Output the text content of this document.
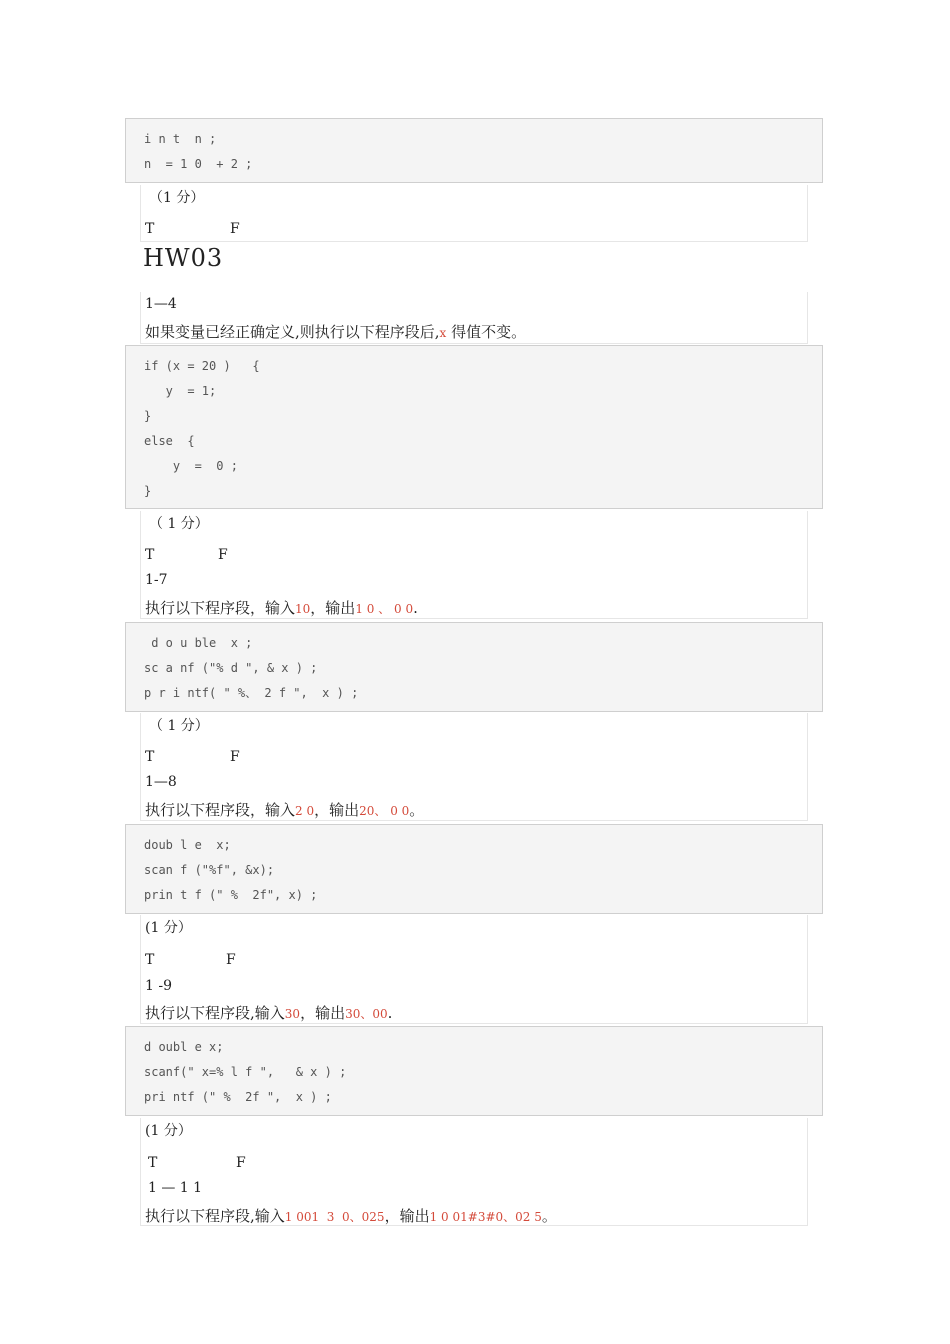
i n t  n ;
n  = 1 0  + 2 ;
（1 分）
T	F
HW03
1—4
如果变量已经正确定义,则执行以下程序段后,x 得值不变。
if (x = 20 )   {
y  = 1;
}
else  {
y  =  0 ;
}
（ 1 分）
T	F
1-7
执行以下程序段，输入10，输出1 0 、 0 0.
d o u ble  x ;
sc a nf ("% d ", & x ) ;
p r i ntf( " %、 2 f ",  x ) ;
（ 1 分）
T	F
1—8
执行以下程序段，输入2 0，输出20、 0 0。
doub l e  x;
scan f ("%f", &x);
prin t f (" %  2f", x) ;
(1 分）
T	F
1 -9
执行以下程序段,输入30，输出30、00.
d oubl e x;
scanf(" x=% l f ",   & x ) ;
pri ntf (" %  2f ",  x ) ;
(1 分）
T	F
1 — 1 1
执行以下程序段,输入1 001  3  0、025，输出1 0 01#3#0、02 5。
